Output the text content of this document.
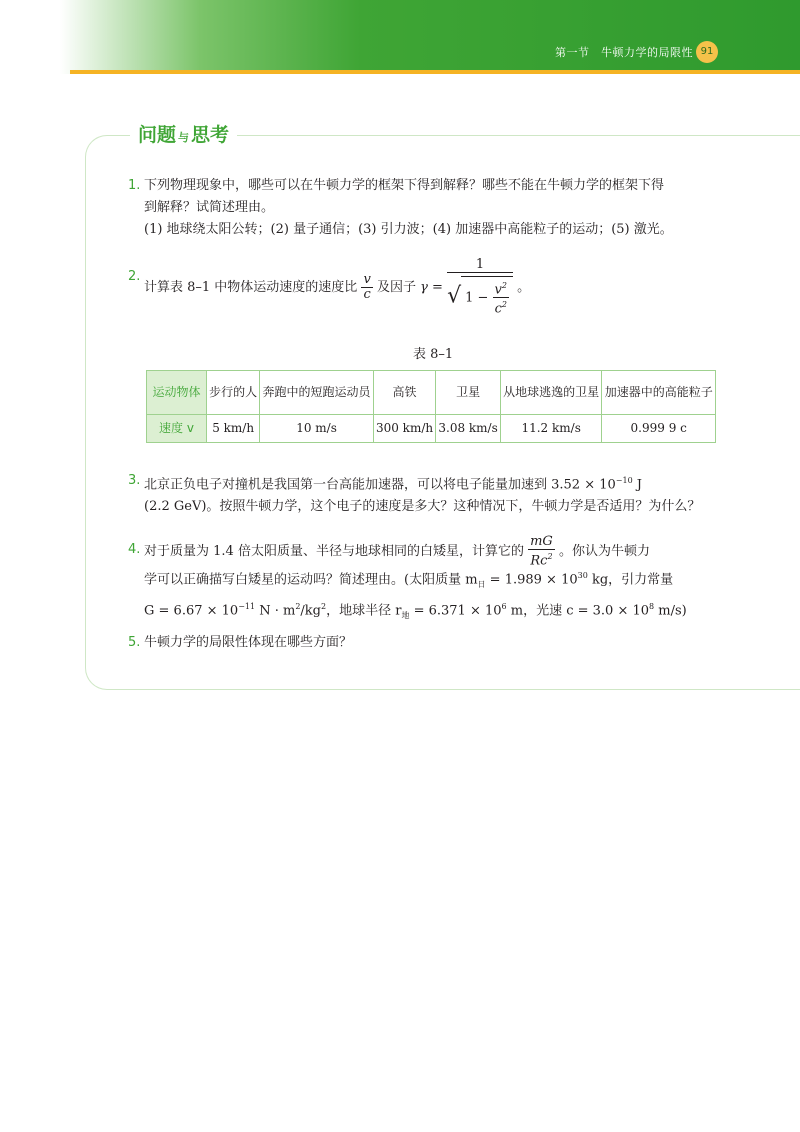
第一节　牛顿力学的局限性 91
问题 与 思考
1. 下列物理现象中，哪些可以在牛顿力学的框架下得到解释？哪些不能在牛顿力学的框架下得
到解释？试简述理由。
(1) 地球绕太阳公转；(2) 量子通信；(3) 引力波；(4) 加速器中高能粒子的运动；(5) 激光。
2.
计算表 8–1 中物体运动速度的速度比 $\frac{v}{c}$ 及因子 $\gamma = \frac{1}{√ 1 - \frac{v^2}{c^2}}$ 。
表 8–1
运动物体	步行的人	奔跑中的短跑运动员	高铁	卫星	从地球逃逸的卫星	加速器中的高能粒子
速度 v	5 km/h	10 m/s	300 km/h	3.08 km/s	11.2 km/s	0.999 9 c
3. 北京正负电子对撞机是我国第一台高能加速器，可以将电子能量加速到 $3.52 \times 10^{-10}$ J
(2.2 GeV)。按照牛顿力学，这个电子的速度是多大？这种情况下，牛顿力学是否适用？为什么？
4. 对于质量为 1.4 倍太阳质量、半径与地球相同的白矮星，计算它的 $\frac{mG}{Rc^2}$ 。你认为牛顿力
学可以正确描写白矮星的运动吗？简述理由。(太阳质量 $m_日 = 1.989 \times 10^{30}$ kg，引力常量
$G = 6.67 \times 10^{-11}$ $N \cdot m^2/kg^2$，地球半径 $r_地 = 6.371 \times 10^6$ m，光速 $c = 3.0 \times 10^8$ m/s)
5. 牛顿力学的局限性体现在哪些方面？
